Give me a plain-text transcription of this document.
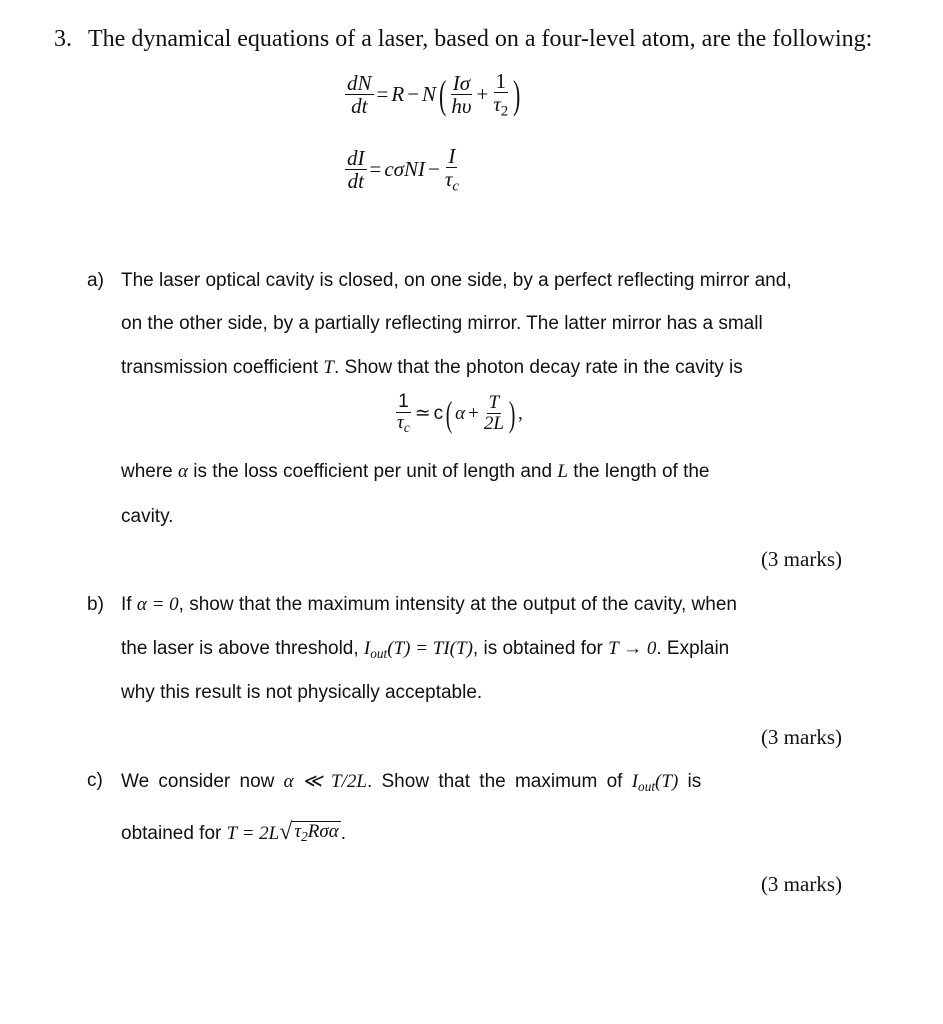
3. The dynamical equations of a laser, based on a four-level atom, are the following:
$\frac{dN}{dt} = R - N$ ( $\frac{I\sigma}{h\upsilon} + \frac{1}{\tau_2}$ )
$\frac{dI}{dt} = c\sigma NI - \frac{I}{\tau_c}$
a) The laser optical cavity is closed, on one side, by a perfect reflecting mirror and,
on the other side, by a partially reflecting mirror. The latter mirror has a small
transmission coefficient T. Show that the photon decay rate in the cavity is
$\frac{1}{\tau_c}$ ≃ c ( $\alpha + \frac{T}{2L}$ ) ,
where α is the loss coefficient per unit of length and L the length of the
cavity.
(3 marks)
b) If α = 0, show that the maximum intensity at the output of the cavity, when
the laser is above threshold, $I_{out}(T) = TI(T)$, is obtained for T → 0. Explain
why this result is not physically acceptable.
(3 marks)
c) We consider now α ≪ T/2L. Show that the maximum of $I_{out}(T)$ is
obtained for T = 2L √ $\tau_2R\sigma\alpha$ .
(3 marks)
